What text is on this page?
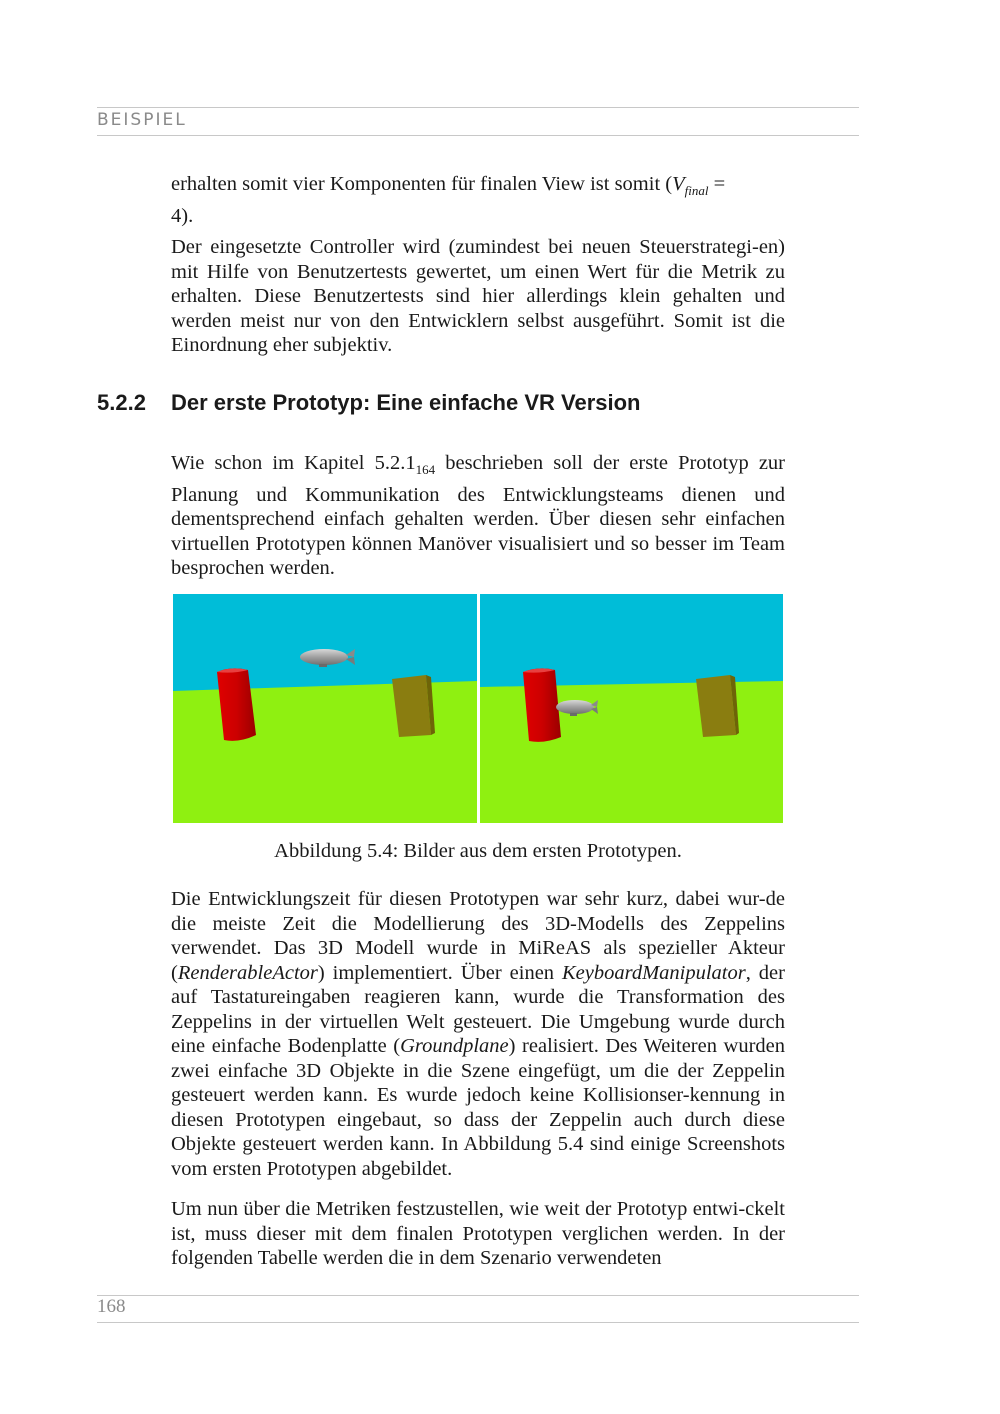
BEISPIEL
erhalten somit vier Komponenten für finalen View ist somit ($V_{final}$ =
4).
Der eingesetzte Controller wird (zumindest bei neuen Steuerstrategi-en) mit Hilfe von Benutzertests gewertet, um einen Wert für die Metrik zu erhalten. Diese Benutzertests sind hier allerdings klein gehalten und werden meist nur von den Entwicklern selbst ausgeführt. Somit ist die Einordnung eher subjektiv.
5.2.2 Der erste Prototyp: Eine einfache VR Version
Wie schon im Kapitel $5.2.1_{164}$ beschrieben soll der erste Prototyp zur Planung und Kommunikation des Entwicklungsteams dienen und dementsprechend einfach gehalten werden. Über diesen sehr einfachen virtuellen Prototypen können Manöver visualisiert und so besser im Team besprochen werden.
Abbildung 5.4: Bilder aus dem ersten Prototypen.
Die Entwicklungszeit für diesen Prototypen war sehr kurz, dabei wur-de die meiste Zeit die Modellierung des 3D-Modells des Zeppelins verwendet. Das 3D Modell wurde in MiReAS als spezieller Akteur (RenderableActor) implementiert. Über einen KeyboardManipulator, der auf Tastatureingaben reagieren kann, wurde die Transformation des Zeppelins in der virtuellen Welt gesteuert. Die Umgebung wurde durch eine einfache Bodenplatte (Groundplane) realisiert. Des Weiteren wurden zwei einfache 3D Objekte in die Szene eingefügt, um die der Zeppelin gesteuert werden kann. Es wurde jedoch keine Kollisionser-kennung in diesen Prototypen eingebaut, so dass der Zeppelin auch durch diese Objekte gesteuert werden kann. In Abbildung 5.4 sind einige Screenshots vom ersten Prototypen abgebildet.
Um nun über die Metriken festzustellen, wie weit der Prototyp entwi-ckelt ist, muss dieser mit dem finalen Prototypen verglichen werden. In der folgenden Tabelle werden die in dem Szenario verwendeten
168
